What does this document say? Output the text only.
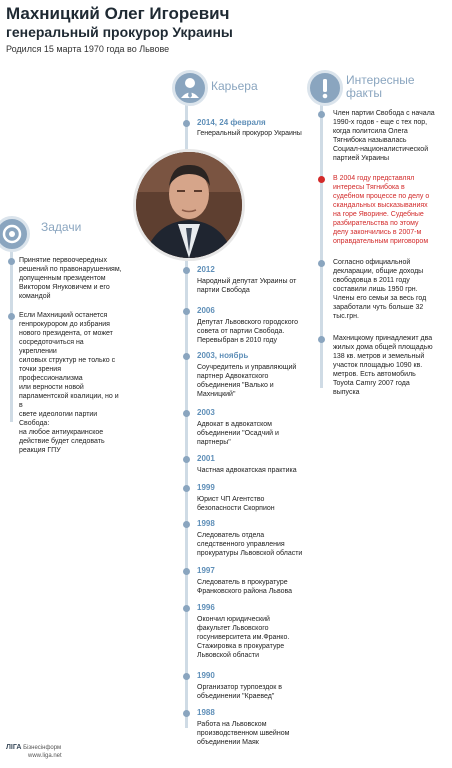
Махницкий Олег Игоревич
генеральный прокурор Украины
Родился 15 марта 1970 года во Львове
Карьера	Интересные
факты
Задачи
2014, 24 февраля
Генеральный прокурор Украины
2012
Народный депутат Украины от
партии Свобода
2006
Депутат Львовского городского
совета от партии Свобода.
Перевыбран в 2010 году
2003, ноябрь
Соучредитель и управляющий
партнер Адвокатского
объединения "Валько и
Махницкий"
2003
Адвокат в адвокатском
объединении "Осадчий и
партнеры"
2001
Частная адвокатская практика
1999
Юрист ЧП Агентство
безопасности Скорпион
1998
Следователь отдела
следственного управления
прокуратуры Львовской области
1997
Следователь в прокуратуре
Франковского района Львова
1996
Окончил юридический
факультет Львовского
госуниверситета им.Франко.
Стажировка в прокуратуре
Львовской области
1990
Организатор турпоездок в
объединении "Краевед"
1988
Работа на Львовском
производственном швейном
объединении Маяк
Член партии Свобода с начала
1990-х годов - еще с тех пор,
когда политсила Олега
Тягнибока называлась
Социал-националистической
партией Украины
В 2004 году представлял
интересы Тягнибока в
судебном процессе по делу о
скандальных высказываниях
на горе Яворине. Судебные
разбирательства по этому
делу закончились в 2007-м
оправдательным приговором
Согласно официальной
декларации, общие доходы
свободовца в 2011 году
составили лишь 1950 грн.
Члены его семьи за весь год
заработали чуть больше 32
тыс.грн.
Махницкому принадлежит два
жилых дома общей площадью
138 кв. метров и земельный
участок площадью 1090 кв.
метров. Есть автомобиль
Toyota Camry 2007 года
выпуска
Принятие первоочередных
решений по правонарушениям,
допущенным президентом
Виктором Януковичем и его
командой
Если Махницкий останется
генпрокурором до избрания
нового президента, от может
сосредоточиться на укреплении
силовых структур не только с
точки зрения профессионализма
или верности новой
парламентской коалиции, но и в
свете идеологии партии Свобода:
на любое антиукраинское
действие будет следовать
реакция ГПУ
ЛIГА Бiзнесiнформ
www.liga.net
